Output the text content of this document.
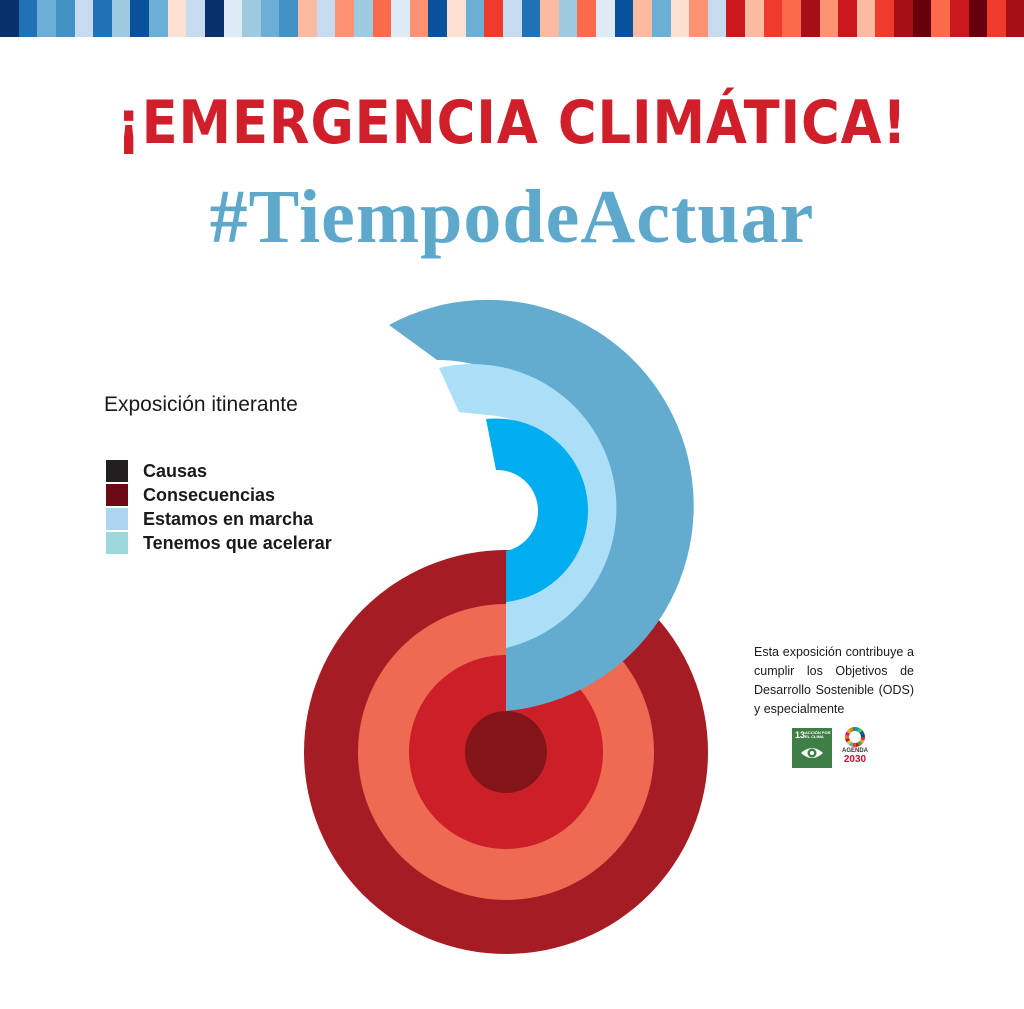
¡EMERGENCIA CLIMÁTICA!
#TiempodeActuar
Exposición itinerante
Causas
Consecuencias
Estamos en marcha
Tenemos que acelerar
Esta exposición contribuye a cumplir los Objetivos de Desarrollo Sostenible (ODS) y especialmente
13 ACCIÓN POR EL CLIMA
AGENDA
2030
